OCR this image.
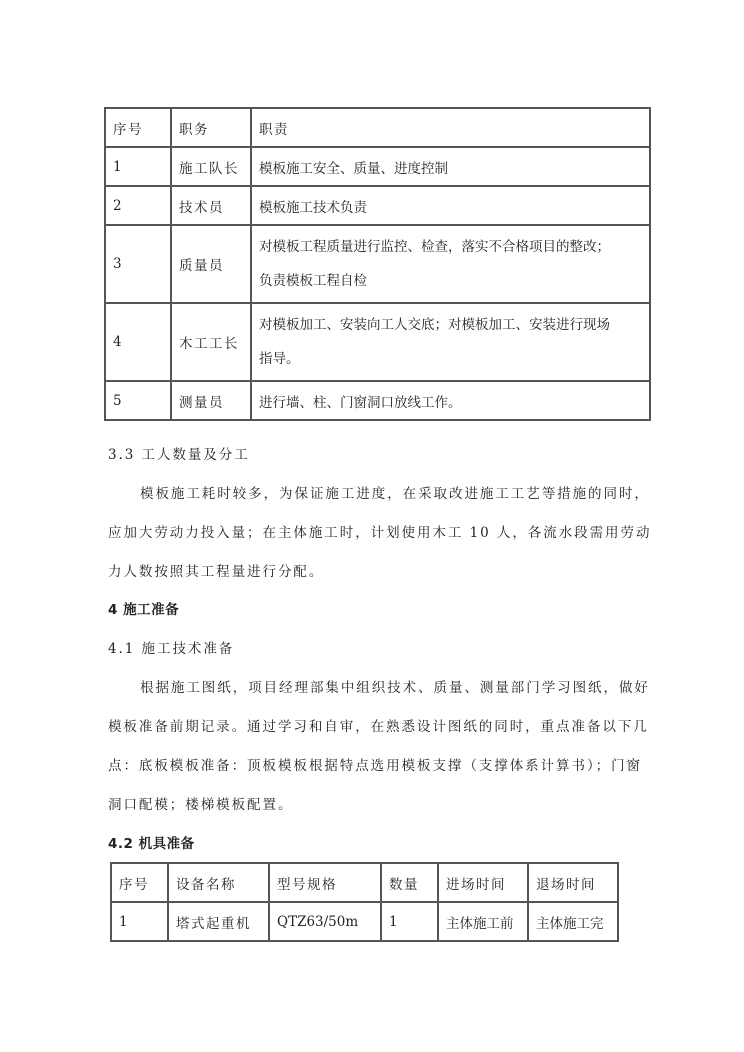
序号	职务	职责
1	施工队长	模板施工安全、质量、进度控制
2	技术员	模板施工技术负责
3	质量员	对模板工程质量进行监控、检查，落实不合格项目的整改；
负责模板工程自检

4	木工工长	对模板加工、安装向工人交底；对模板加工、安装进行现场
指导。

5	测量员	进行墙、柱、门窗洞口放线工作。
3.3 工人数量及分工
模板施工耗时较多，为保证施工进度，在采取改进施工工艺等措施的同时，
应加大劳动力投入量；在主体施工时，计划使用木工 10 人，各流水段需用劳动
力人数按照其工程量进行分配。
4 施工准备
4.1 施工技术准备
根据施工图纸，项目经理部集中组织技术、质量、测量部门学习图纸，做好
模板准备前期记录。通过学习和自审，在熟悉设计图纸的同时，重点准备以下几
点：底板模板准备：顶板模板根据特点选用模板支撑（支撑体系计算书）；门窗
洞口配模；楼梯模板配置。
4.2 机具准备
序号	设备名称	型号规格	数量	进场时间	退场时间
1	塔式起重机	QTZ63/50m	1	主体施工前	主体施工完
